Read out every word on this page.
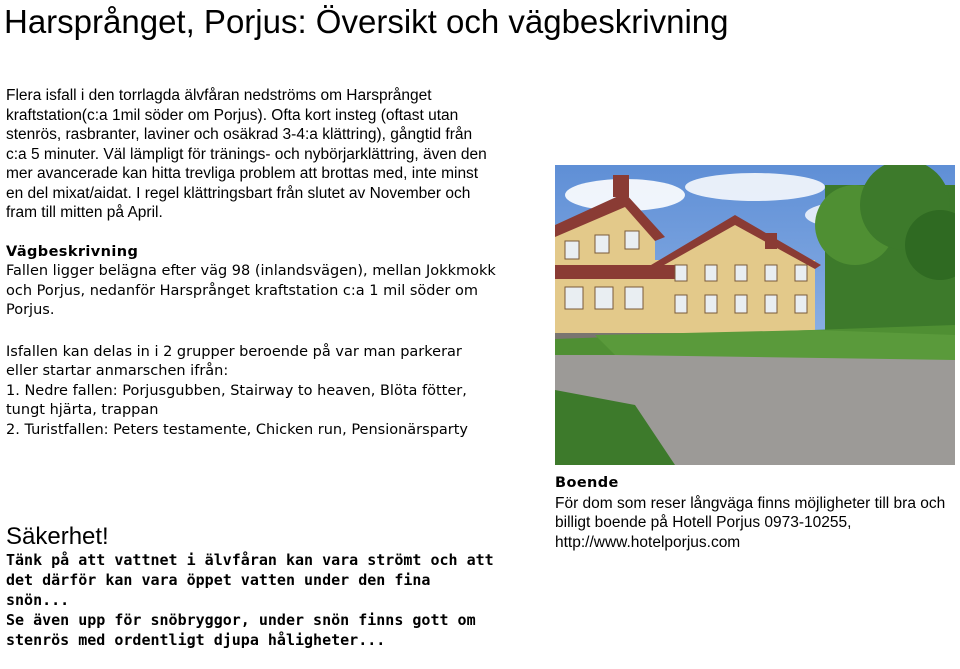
Harsprånget, Porjus: Översikt och vägbeskrivning

Flera isfall i den torrlagda älvfåran nedströms om Harsprånget kraftstation(c:a 1mil söder om Porjus). Ofta kort insteg (oftast utan stenrös, rasbranter, laviner och osäkrad 3-4:a klättring), gångtid från c:a 5 minuter. Väl lämpligt för tränings- och nybörjarklättring, även den mer avancerade kan hitta trevliga problem att brottas med, inte minst en del mixat/aidat. I regel klättringsbart från slutet av November och fram till mitten på April.

Vägbeskrivning

Fallen ligger belägna efter väg 98 (inlandsvägen), mellan Jokkmokk och Porjus, nedanför Harsprånget kraftstation c:a 1 mil söder om Porjus.

Isfallen kan delas in i 2 grupper beroende på var man parkerar eller startar anmarschen ifrån:

1. Nedre fallen: Porjusgubben, Stairway to heaven, Blöta fötter, tungt hjärta, trappan

2. Turistfallen: Peters testamente, Chicken run, Pensionärsparty

Säkerhet!

Tänk på att vattnet i älvfåran kan vara strömt och att det därför kan vara öppet vatten under den fina snön...

Se även upp för snöbryggor, under snön finns gott om stenrös med ordentligt djupa håligheter...

Boende

För dom som reser långväga finns möjligheter till bra och billigt boende på Hotell Porjus 0973-10255, http://www.hotelporjus.com
